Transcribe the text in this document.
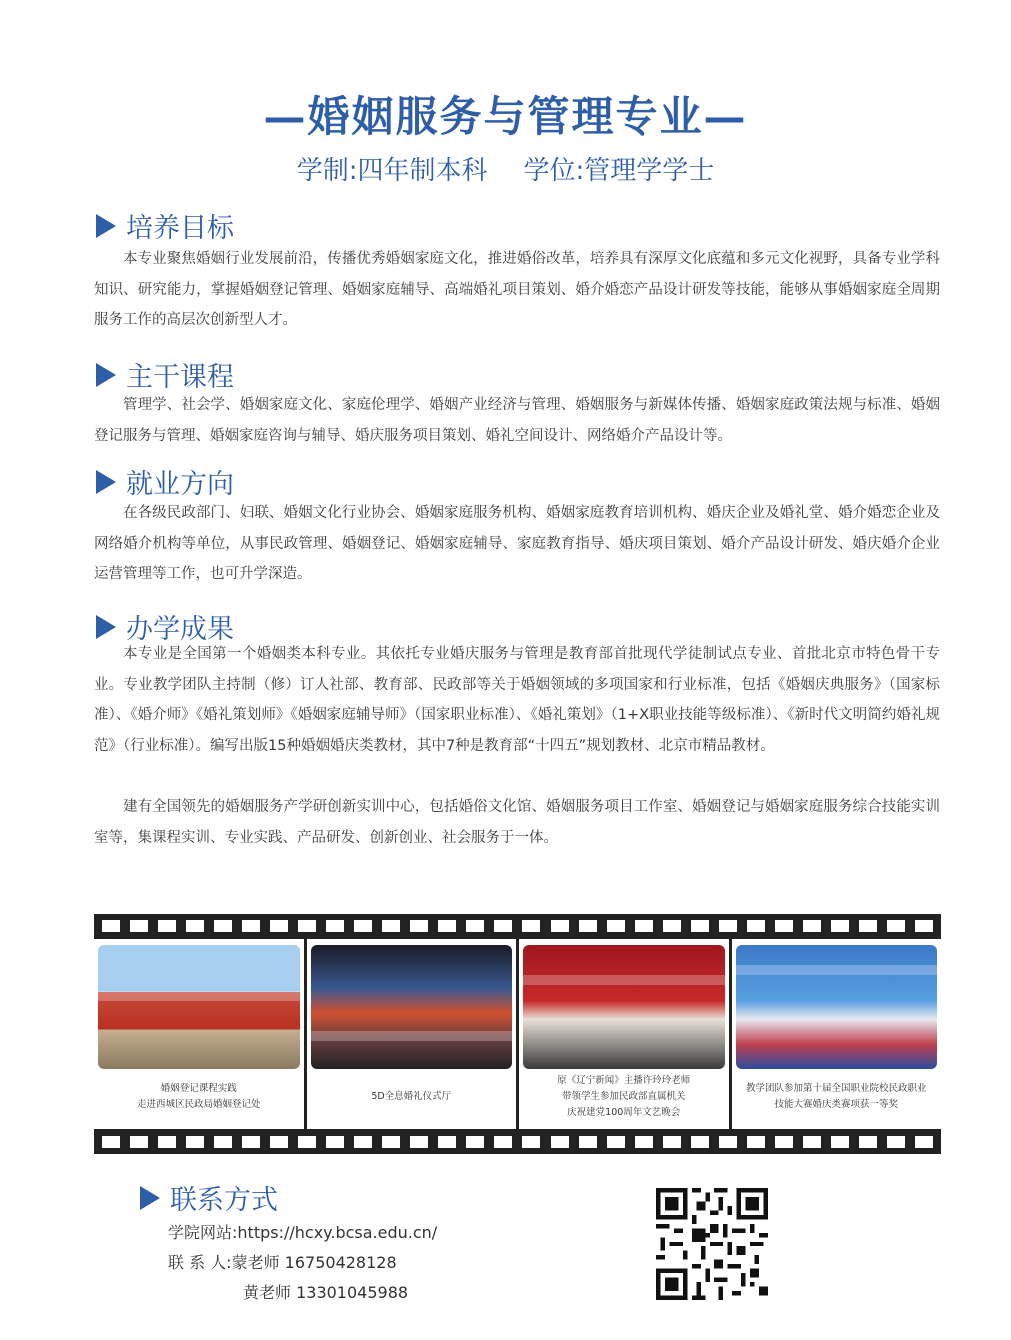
—婚姻服务与管理专业—
学制:四年制本科 学位:管理学学士
培养目标

本专业聚焦婚姻行业发展前沿，传播优秀婚姻家庭文化，推进婚俗改革，培养具有深厚文化底蕴和多元文化视野，具备专业学科知识、研究能力，掌握婚姻登记管理、婚姻家庭辅导、高端婚礼项目策划、婚介婚恋产品设计研发等技能，能够从事婚姻家庭全周期服务工作的高层次创新型人才。

主干课程

管理学、社会学、婚姻家庭文化、家庭伦理学、婚姻产业经济与管理、婚姻服务与新媒体传播、婚姻家庭政策法规与标准、婚姻登记服务与管理、婚姻家庭咨询与辅导、婚庆服务项目策划、婚礼空间设计、网络婚介产品设计等。

就业方向

在各级民政部门、妇联、婚姻文化行业协会、婚姻家庭服务机构、婚姻家庭教育培训机构、婚庆企业及婚礼堂、婚介婚恋企业及网络婚介机构等单位，从事民政管理、婚姻登记、婚姻家庭辅导、家庭教育指导、婚庆项目策划、婚介产品设计研发、婚庆婚介企业运营管理等工作，也可升学深造。

办学成果

本专业是全国第一个婚姻类本科专业。其依托专业婚庆服务与管理是教育部首批现代学徒制试点专业、首批北京市特色骨干专业。专业教学团队主持制（修）订人社部、教育部、民政部等关于婚姻领域的多项国家和行业标准，包括《婚姻庆典服务》（国家标准）、《婚介师》《婚礼策划师》《婚姻家庭辅导师》（国家职业标准）、《婚礼策划》（1+X职业技能等级标准）、《新时代文明简约婚礼规范》（行业标准）。编写出版15种婚姻婚庆类教材，其中7种是教育部“十四五”规划教材、北京市精品教材。

建有全国领先的婚姻服务产学研创新实训中心，包括婚俗文化馆、婚姻服务项目工作室、婚姻登记与婚姻家庭服务综合技能实训室等，集课程实训、专业实践、产品研发、创新创业、社会服务于一体。

婚姻登记课程实践
走进西城区民政局婚姻登记处
5D全息婚礼仪式厅
原《辽宁新闻》主播许玲玲老师
带领学生参加民政部直属机关
庆祝建党100周年文艺晚会
教学团队参加第十届全国职业院校民政职业
技能大赛婚庆类赛项获一等奖
联系方式
学院网站:https://hcxy.bcsa.edu.cn/
联 系 人:蒙老师 16750428128
黄老师 13301045988
